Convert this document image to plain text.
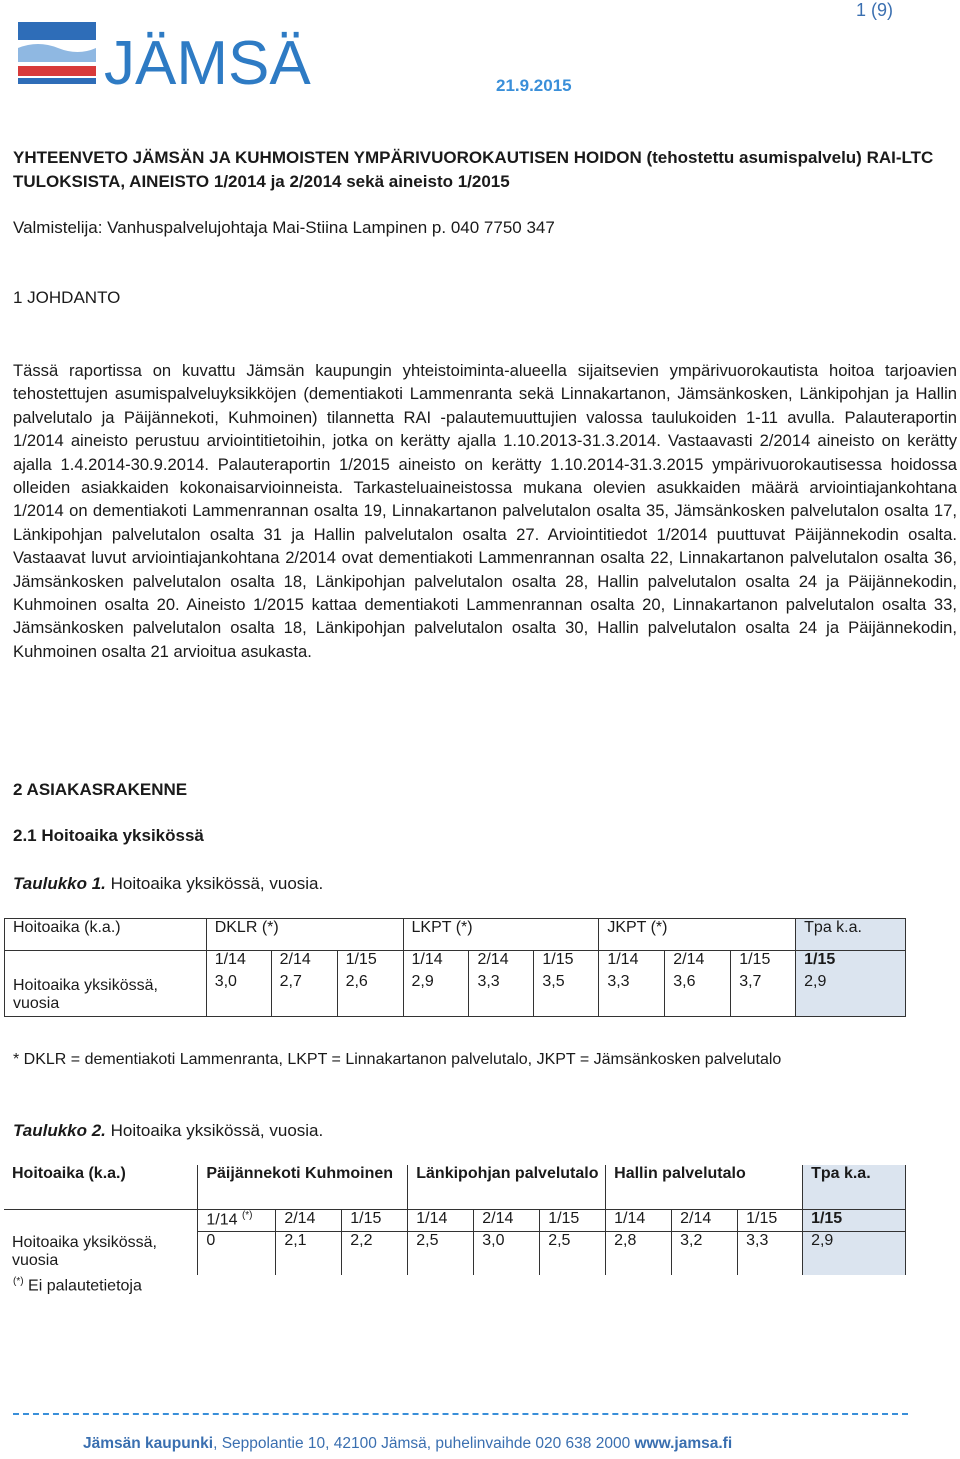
1 (9)
JÄMSÄ	21.9.2015
YHTEENVETO JÄMSÄN JA KUHMOISTEN YMPÄRIVUOROKAUTISEN HOIDON (tehostettu asumispalvelu) RAI-LTC TULOKSISTA, AINEISTO 1/2014 ja 2/2014 sekä aineisto 1/2015
Valmistelija: Vanhuspalvelujohtaja Mai-Stiina Lampinen p. 040 7750 347
1 JOHDANTO
Tässä raportissa on kuvattu Jämsän kaupungin yhteistoiminta-alueella sijaitsevien ympärivuorokautista hoitoa tarjoavien tehostettujen asumispalveluyksikköjen (dementiakoti Lammenranta sekä Linnakartanon, Jämsänkosken, Länkipohjan ja Hallin palvelutalo ja Päijännekoti, Kuhmoinen) tilannetta RAI -palautemuuttujien valossa taulukoiden 1-11 avulla. Palauteraportin 1/2014 aineisto perustuu arviointitietoihin, jotka on kerätty ajalla 1.10.2013-31.3.2014. Vastaavasti 2/2014 aineisto on kerätty ajalla 1.4.2014-30.9.2014. Palauteraportin 1/2015 aineisto on kerätty 1.10.2014-31.3.2015 ympärivuorokautisessa hoidossa olleiden asiakkaiden kokonaisarvioinneista. Tarkasteluaineistossa mukana olevien asukkaiden määrä arviointiajankohtana 1/2014 on dementiakoti Lammenrannan osalta 19, Linnakartanon palvelutalon osalta 35, Jämsänkosken palvelutalon osalta 17, Länkipohjan palvelutalon osalta 31 ja Hallin palvelutalon osalta 27. Arviointitiedot 1/2014 puuttuvat Päijännekodin osalta. Vastaavat luvut arviointiajankohtana 2/2014 ovat dementiakoti Lammenrannan osalta 22, Linnakartanon palvelutalon osalta 36, Jämsänkosken palvelutalon osalta 18, Länkipohjan palvelutalon osalta 28, Hallin palvelutalon osalta 24 ja Päijännekodin, Kuhmoinen osalta 20. Aineisto 1/2015 kattaa dementiakoti Lammenrannan osalta 20, Linnakartanon palvelutalon osalta 33, Jämsänkosken palvelutalon osalta 18, Länkipohjan palvelutalon osalta 30, Hallin palvelutalon osalta 24 ja Päijännekodin, Kuhmoinen osalta 21 arvioitua asukasta.
2 ASIAKASRAKENNE
2.1 Hoitoaika yksikössä
Taulukko 1. Hoitoaika yksikössä, vuosia.
Hoitoaika (k.a.)	DKLR (*)			LKPT (*)			JKPT (*)			Tpa k.a.
Hoitoaika yksikössä, vuosia	1/14	2/14	1/15	1/14	2/14	1/15	1/14	2/14	1/15	1/15
	3,0	2,7	2,6	2,9	3,3	3,5	3,3	3,6	3,7	2,9
* DKLR = dementiakoti Lammenranta, LKPT = Linnakartanon palvelutalo, JKPT = Jämsänkosken palvelutalo
Taulukko 2. Hoitoaika yksikössä, vuosia.
Hoitoaika (k.a.)	Päijännekoti Kuhmoinen			Länkipohjan palvelutalo			Hallin palvelutalo			Tpa k.a.
Hoitoaika yksikössä, vuosia	1/14 (*)	2/14	1/15	1/14	2/14	1/15	1/14	2/14	1/15	1/15
	0	2,1	2,2	2,5	3,0	2,5	2,8	3,2	3,3	2,9
(*) Ei palautetietoja
Jämsän kaupunki, Seppolantie 10, 42100 Jämsä, puhelinvaihde 020 638 2000 www.jamsa.fi
